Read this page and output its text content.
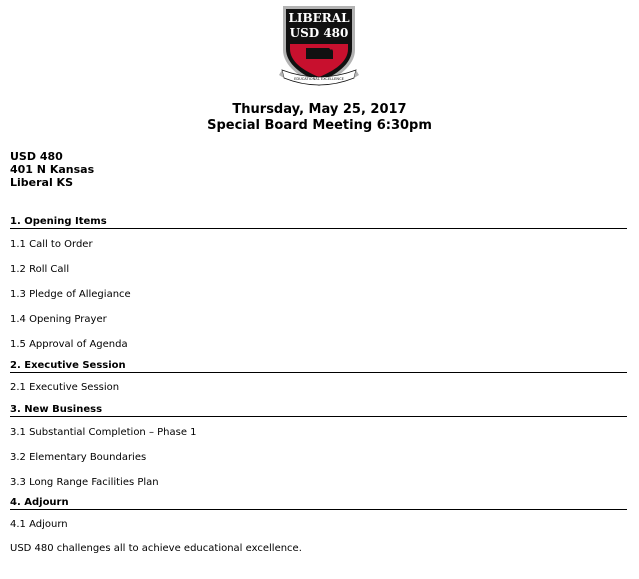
LIBERAL
USD 480
EDUCATIONAL EXCELLENCE
Thursday, May 25, 2017
Special Board Meeting 6:30pm
USD 480
401 N Kansas
Liberal KS
1. Opening Items
1.1 Call to Order
1.2 Roll Call
1.3 Pledge of Allegiance
1.4 Opening Prayer
1.5 Approval of Agenda
2. Executive Session
2.1 Executive Session
3. New Business
3.1 Substantial Completion – Phase 1
3.2 Elementary Boundaries
3.3 Long Range Facilities Plan
4. Adjourn
4.1 Adjourn
USD 480 challenges all to achieve educational excellence.
